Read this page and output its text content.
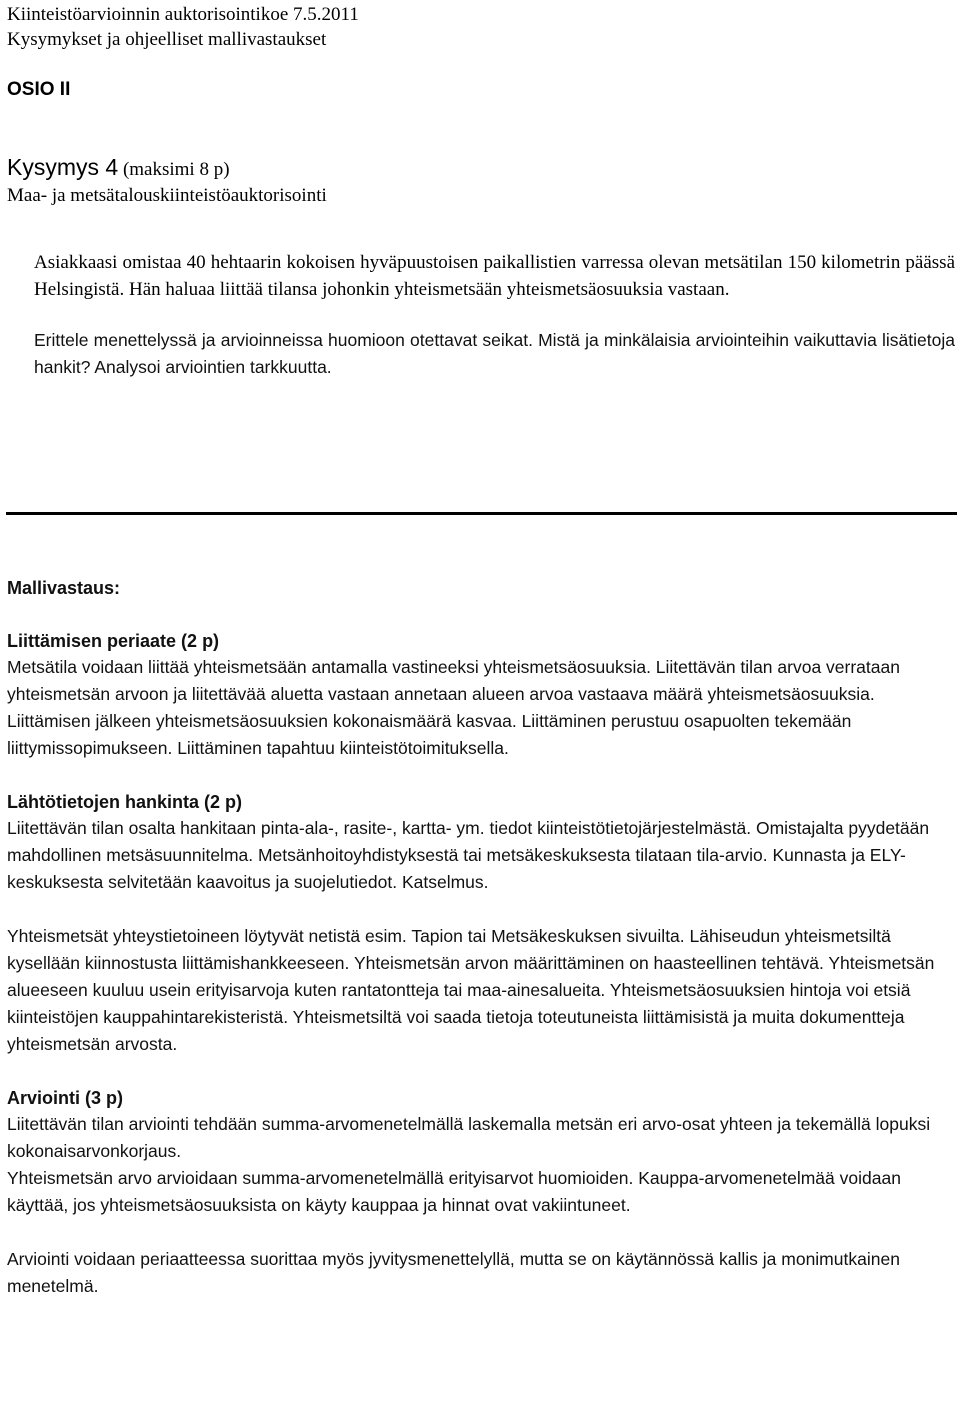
Kiinteistöarvioinnin auktorisointikoe 7.5.2011
Kysymykset ja ohjeelliset mallivastaukset
OSIO II
Kysymys 4 (maksimi 8 p)
Maa- ja metsätalouskiinteistöauktorisointi
Asiakkaasi omistaa 40 hehtaarin kokoisen hyväpuustoisen paikallistien varressa olevan metsätilan 150 kilometrin päässä Helsingistä. Hän haluaa liittää tilansa johonkin yhteismetsään yhteismetsäosuuksia vastaan.
Erittele menettelyssä ja arvioinneissa huomioon otettavat seikat. Mistä ja minkälaisia arviointeihin vaikuttavia lisätietoja hankit? Analysoi arviointien tarkkuutta.
Mallivastaus:
Liittämisen periaate (2 p)

Metsätila voidaan liittää yhteismetsään antamalla vastineeksi yhteismetsäosuuksia. Liitettävän tilan arvoa verrataan yhteismetsän arvoon ja liitettävää aluetta vastaan annetaan alueen arvoa vastaava määrä yhteismetsäosuuksia. Liittämisen jälkeen yhteismetsäosuuksien kokonaismäärä kasvaa. Liittäminen perustuu osapuolten tekemään liittymissopimukseen. Liittäminen tapahtuu kiinteistötoimituksella.

Lähtötietojen hankinta (2 p)

Liitettävän tilan osalta hankitaan pinta-ala-, rasite-, kartta- ym. tiedot kiinteistötietojärjestelmästä. Omistajalta pyydetään mahdollinen metsäsuunnitelma. Metsänhoitoyhdistyksestä tai metsäkeskuksesta tilataan tila-arvio. Kunnasta ja ELY-keskuksesta selvitetään kaavoitus ja suojelutiedot. Katselmus.

Yhteismetsät yhteystietoineen löytyvät netistä esim. Tapion tai Metsäkeskuksen sivuilta. Lähiseudun yhteismetsiltä kysellään kiinnostusta liittämishankkeeseen. Yhteismetsän arvon määrittäminen on haasteellinen tehtävä. Yhteismetsän alueeseen kuuluu usein erityisarvoja kuten rantatontteja tai maa-ainesalueita. Yhteismetsäosuuksien hintoja voi etsiä kiinteistöjen kauppahintarekisteristä. Yhteismetsiltä voi saada tietoja toteutuneista liittämisistä ja muita dokumentteja yhteismetsän arvosta.

Arviointi (3 p)

Liitettävän tilan arviointi tehdään summa-arvomenetelmällä laskemalla metsän eri arvo-osat yhteen ja tekemällä lopuksi kokonaisarvonkorjaus.

Yhteismetsän arvo arvioidaan summa-arvomenetelmällä erityisarvot huomioiden. Kauppa-arvomenetelmää voidaan käyttää, jos yhteismetsäosuuksista on käyty kauppaa ja hinnat ovat vakiintuneet.

Arviointi voidaan periaatteessa suorittaa myös jyvitysmenettelyllä, mutta se on käytännössä kallis ja monimutkainen menetelmä.
